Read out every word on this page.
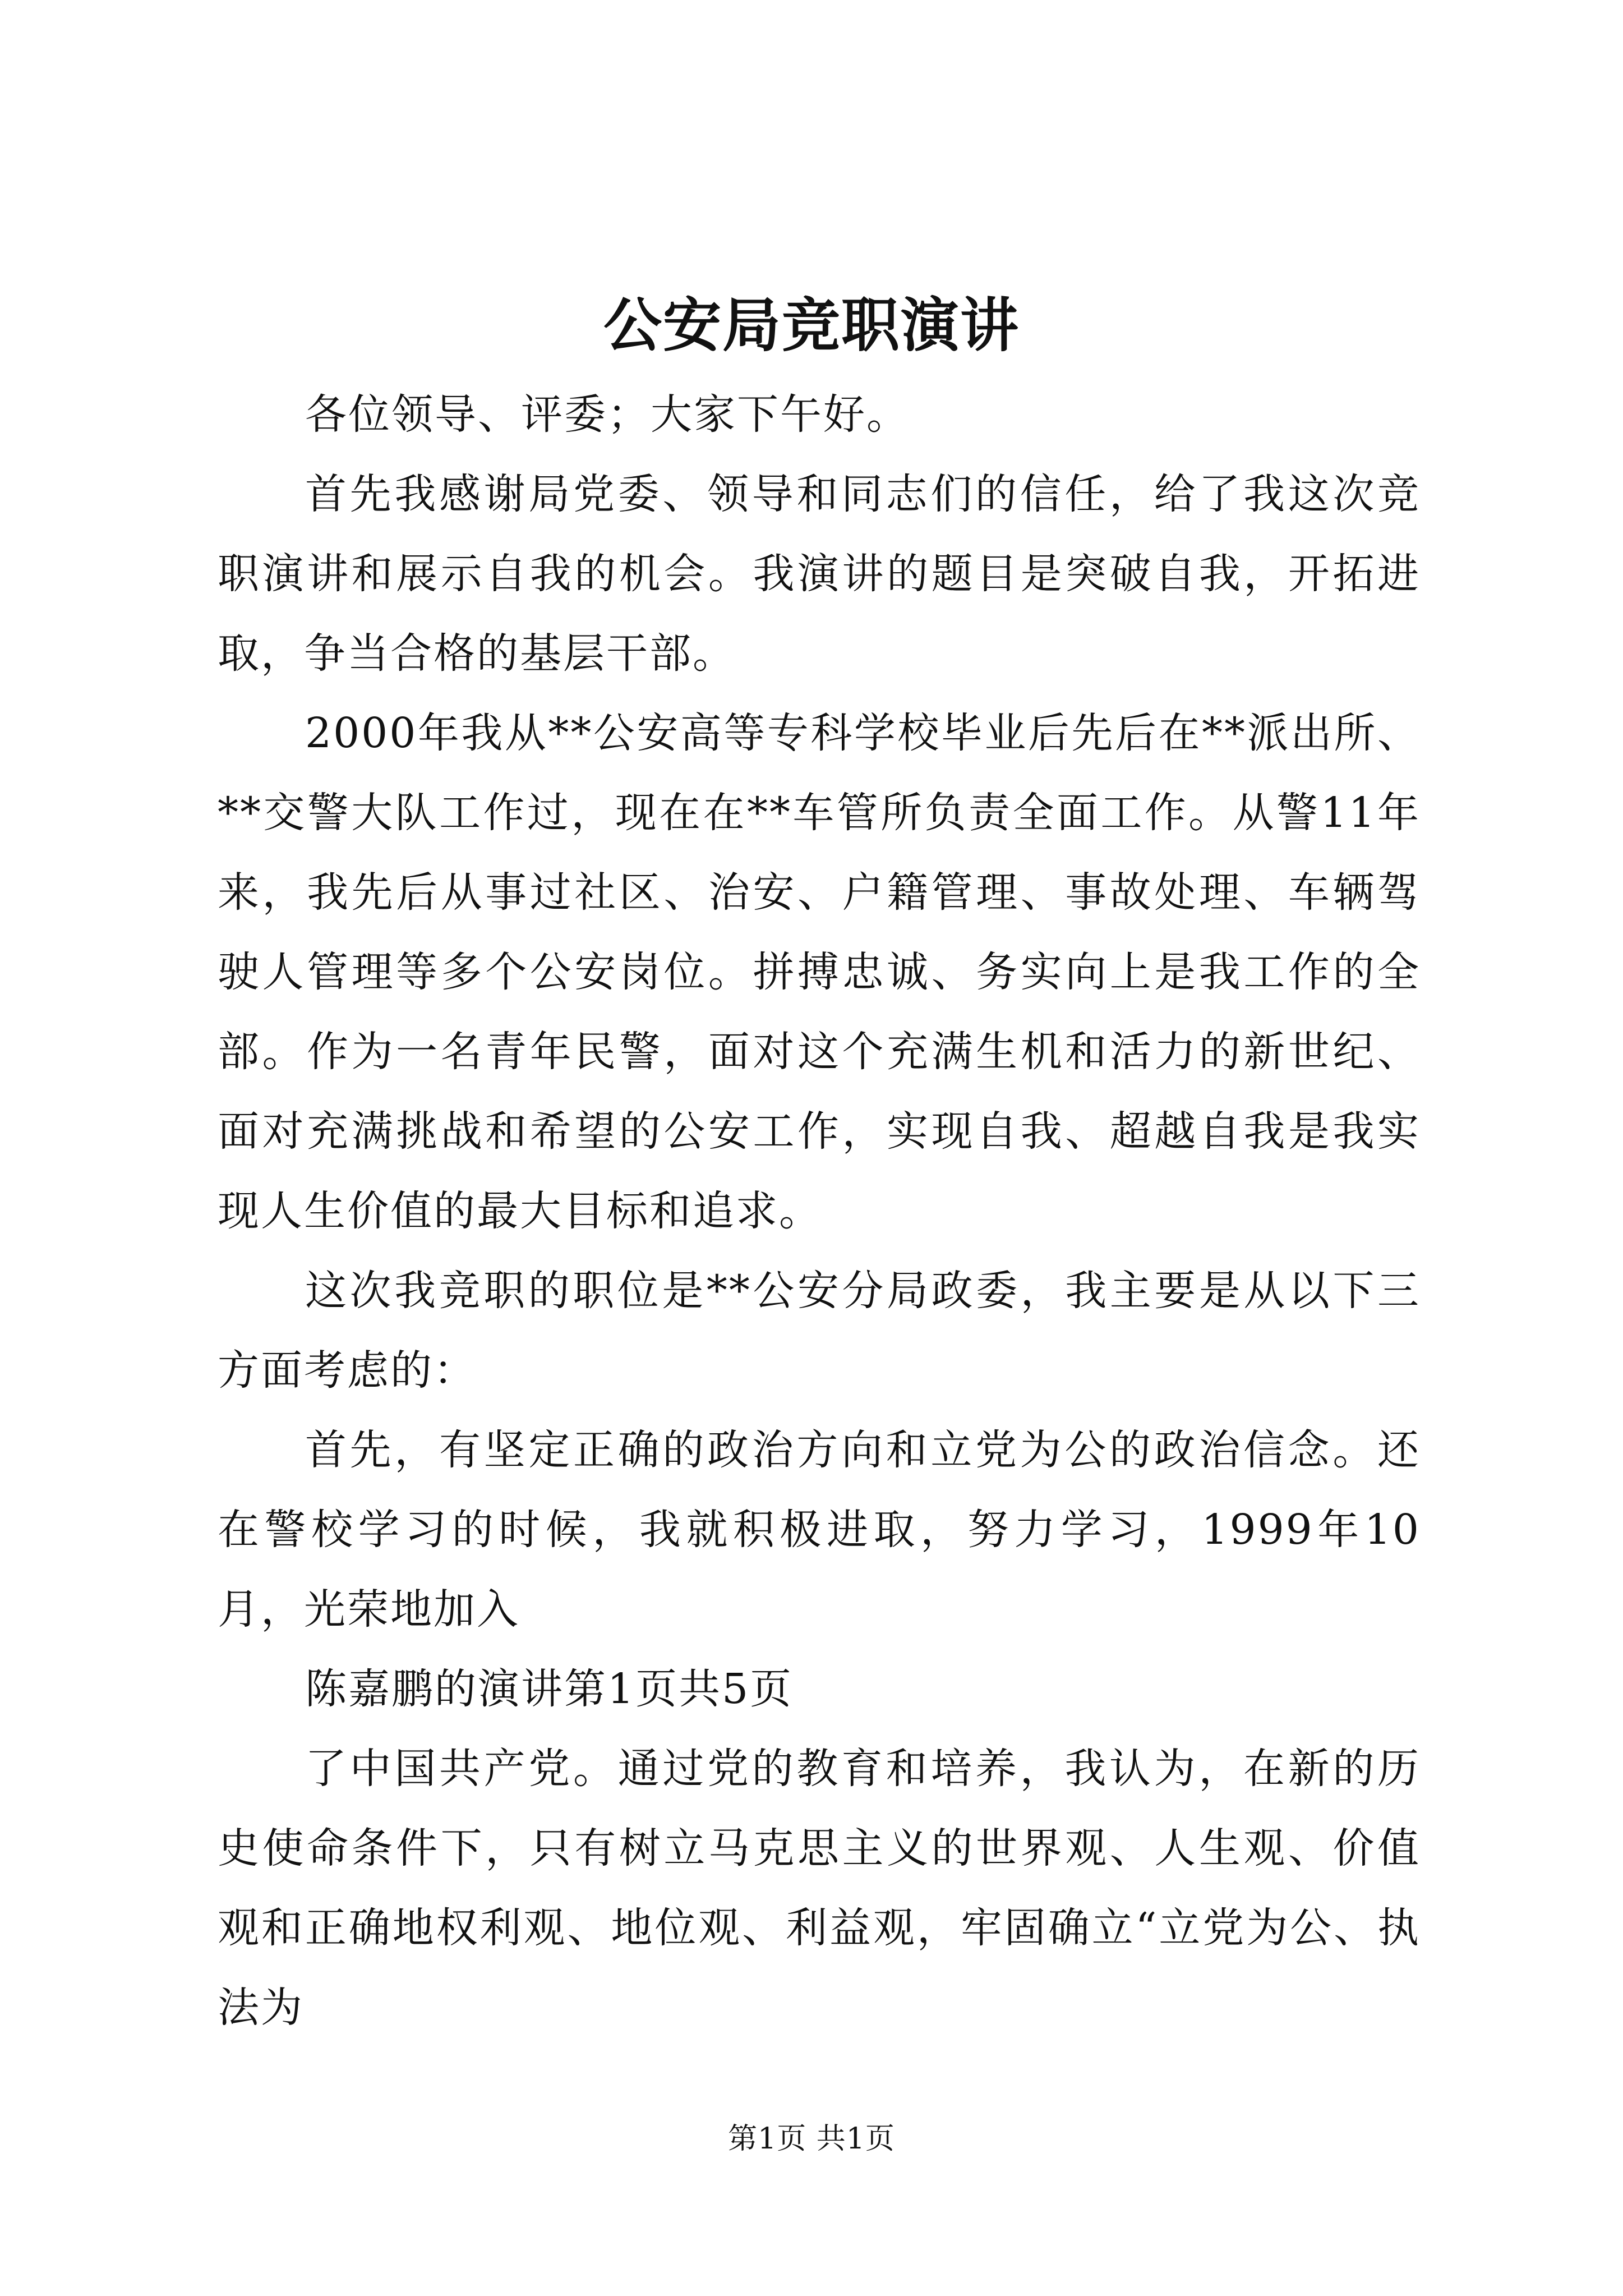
公安局竞职演讲

各位领导、评委；大家下午好。

首先我感谢局党委、领导和同志们的信任，给了我这次竞职演讲和展示自我的机会。我演讲的题目是突破自我，开拓进取，争当合格的基层干部。

2000年我从**公安高等专科学校毕业后先后在**派出所、**交警大队工作过，现在在**车管所负责全面工作。从警11年来，我先后从事过社区、治安、户籍管理、事故处理、车辆驾驶人管理等多个公安岗位。拼搏忠诚、务实向上是我工作的全部。作为一名青年民警，面对这个充满生机和活力的新世纪、面对充满挑战和希望的公安工作，实现自我、超越自我是我实现人生价值的最大目标和追求。

这次我竞职的职位是**公安分局政委，我主要是从以下三方面考虑的：

首先，有坚定正确的政治方向和立党为公的政治信念。还在警校学习的时候，我就积极进取，努力学习，1999年10月，光荣地加入

陈嘉鹏的演讲第1页共5页

了中国共产党。通过党的教育和培养，我认为，在新的历史使命条件下，只有树立马克思主义的世界观、人生观、价值观和正确地权利观、地位观、利益观，牢固确立“立党为公、执法为

第1页 共1页
